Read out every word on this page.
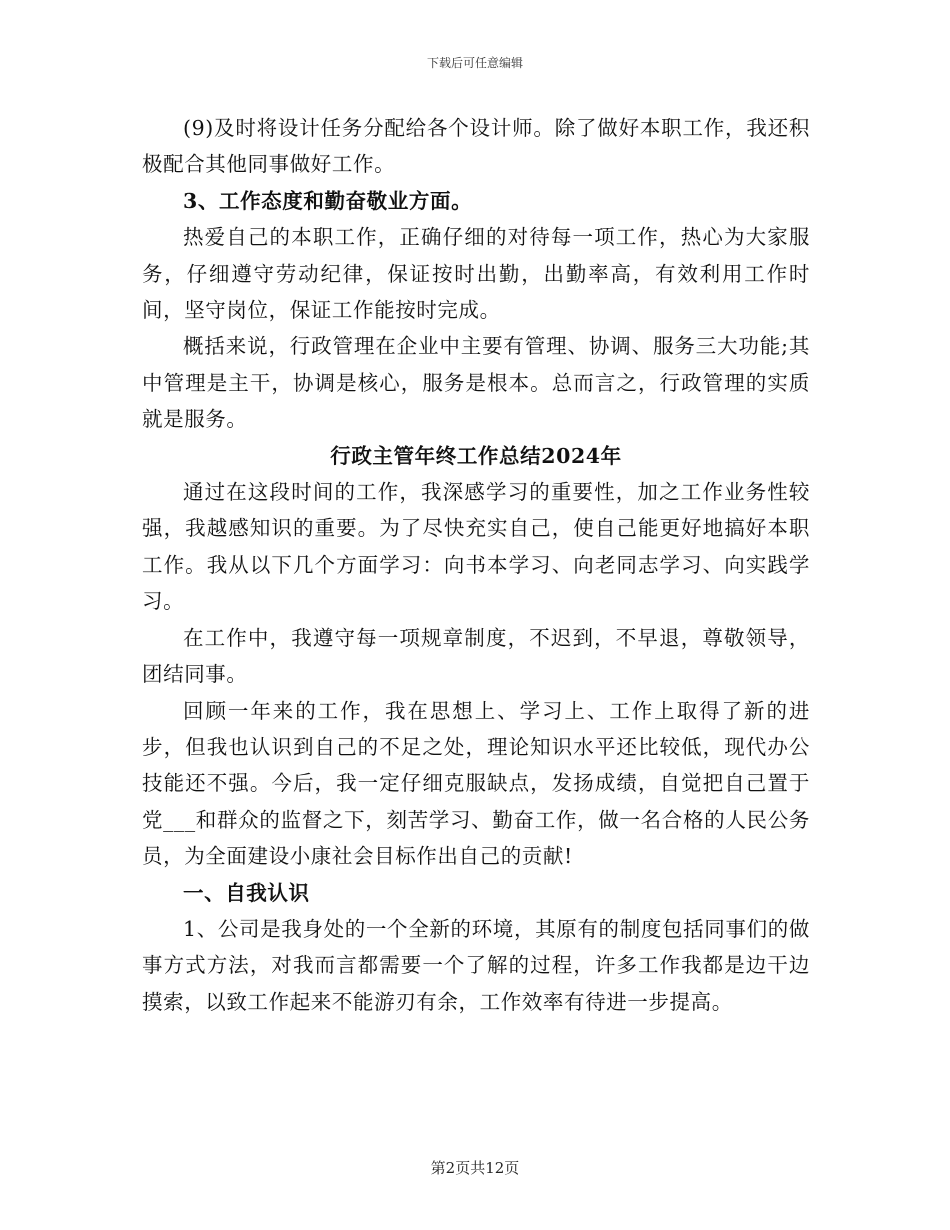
下载后可任意编辑

(9)及时将设计任务分配给各个设计师。除了做好本职工作，我还积极配合其他同事做好工作。

3、工作态度和勤奋敬业方面。

热爱自己的本职工作，正确仔细的对待每一项工作，热心为大家服务，仔细遵守劳动纪律，保证按时出勤，出勤率高，有效利用工作时间，坚守岗位，保证工作能按时完成。

概括来说，行政管理在企业中主要有管理、协调、服务三大功能;其中管理是主干，协调是核心，服务是根本。总而言之，行政管理的实质就是服务。

行政主管年终工作总结2024年

通过在这段时间的工作，我深感学习的重要性，加之工作业务性较强，我越感知识的重要。为了尽快充实自己，使自己能更好地搞好本职工作。我从以下几个方面学习：向书本学习、向老同志学习、向实践学习。

在工作中，我遵守每一项规章制度，不迟到，不早退，尊敬领导，团结同事。

回顾一年来的工作，我在思想上、学习上、工作上取得了新的进步，但我也认识到自己的不足之处，理论知识水平还比较低，现代办公技能还不强。今后，我一定仔细克服缺点，发扬成绩，自觉把自己置于党___和群众的监督之下，刻苦学习、勤奋工作，做一名合格的人民公务员，为全面建设小康社会目标作出自己的贡献!

一、自我认识

1、公司是我身处的一个全新的环境，其原有的制度包括同事们的做事方式方法，对我而言都需要一个了解的过程，许多工作我都是边干边摸索，以致工作起来不能游刃有余，工作效率有待进一步提高。

第2页共12页
